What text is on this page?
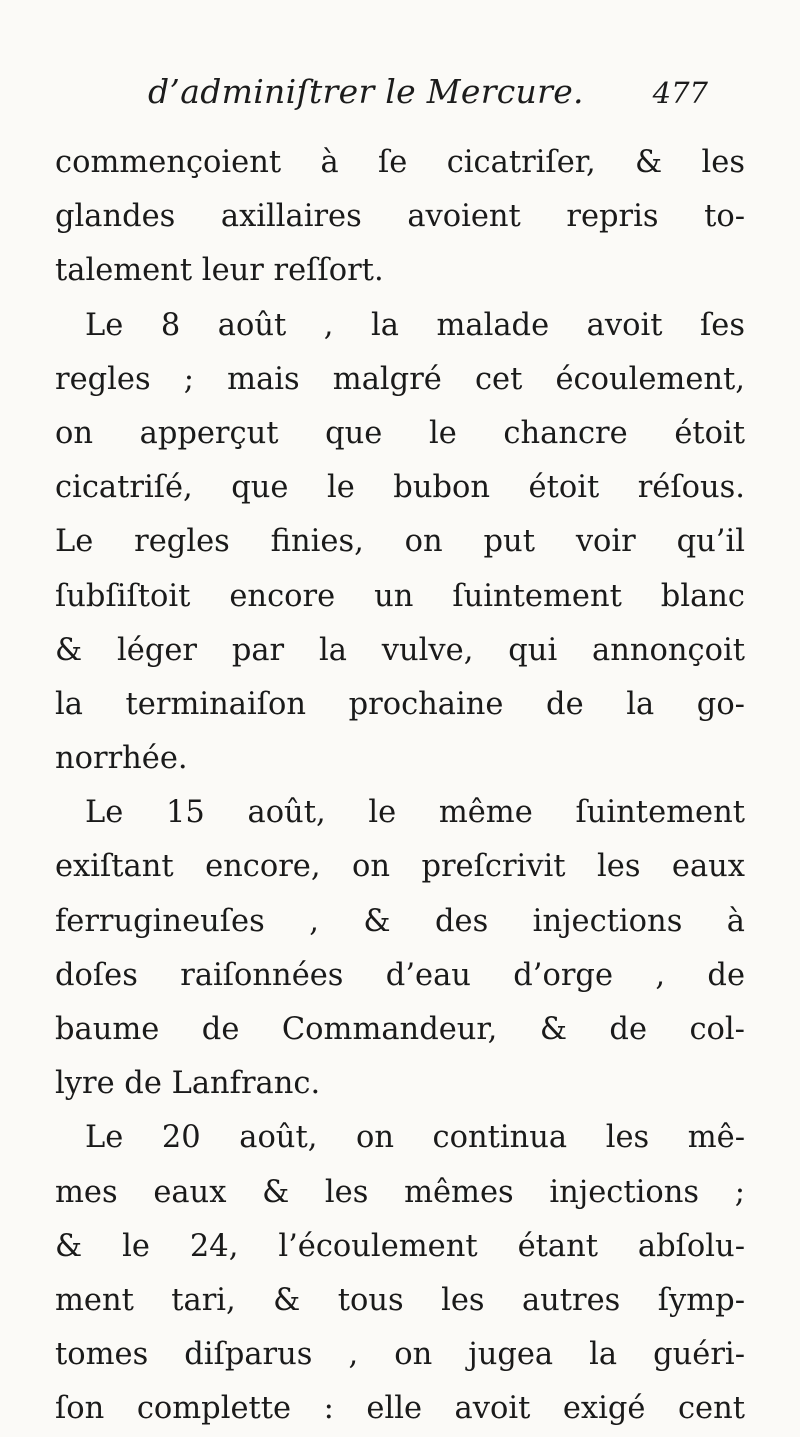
d’adminiſtrer le Mercure. 477
commençoient à ſe cicatriſer, & les
glandes axillaires avoient repris to-
talement leur reſſort.
Le 8 août , la malade avoit ſes
regles ; mais malgré cet écoulement,
on apperçut que le chancre étoit
cicatriſé, que le bubon étoit réſous.
Le regles finies, on put voir qu’il
ſubſiſtoit encore un ſuintement blanc
& léger par la vulve, qui annonçoit
la terminaiſon prochaine de la go-
norrhée.
Le 15 août, le même ſuintement
exiſtant encore, on preſcrivit les eaux
ferrugineuſes , & des injections à
doſes raiſonnées d’eau d’orge , de
baume de Commandeur, & de col-
lyre de Lanfranc.
Le 20 août, on continua les mê-
mes eaux & les mêmes injections ;
& le 24, l’écoulement étant abſolu-
ment tari, & tous les autres ſymp-
tomes diſparus , on jugea la guéri-
ſon complette : elle avoit exigé cent
